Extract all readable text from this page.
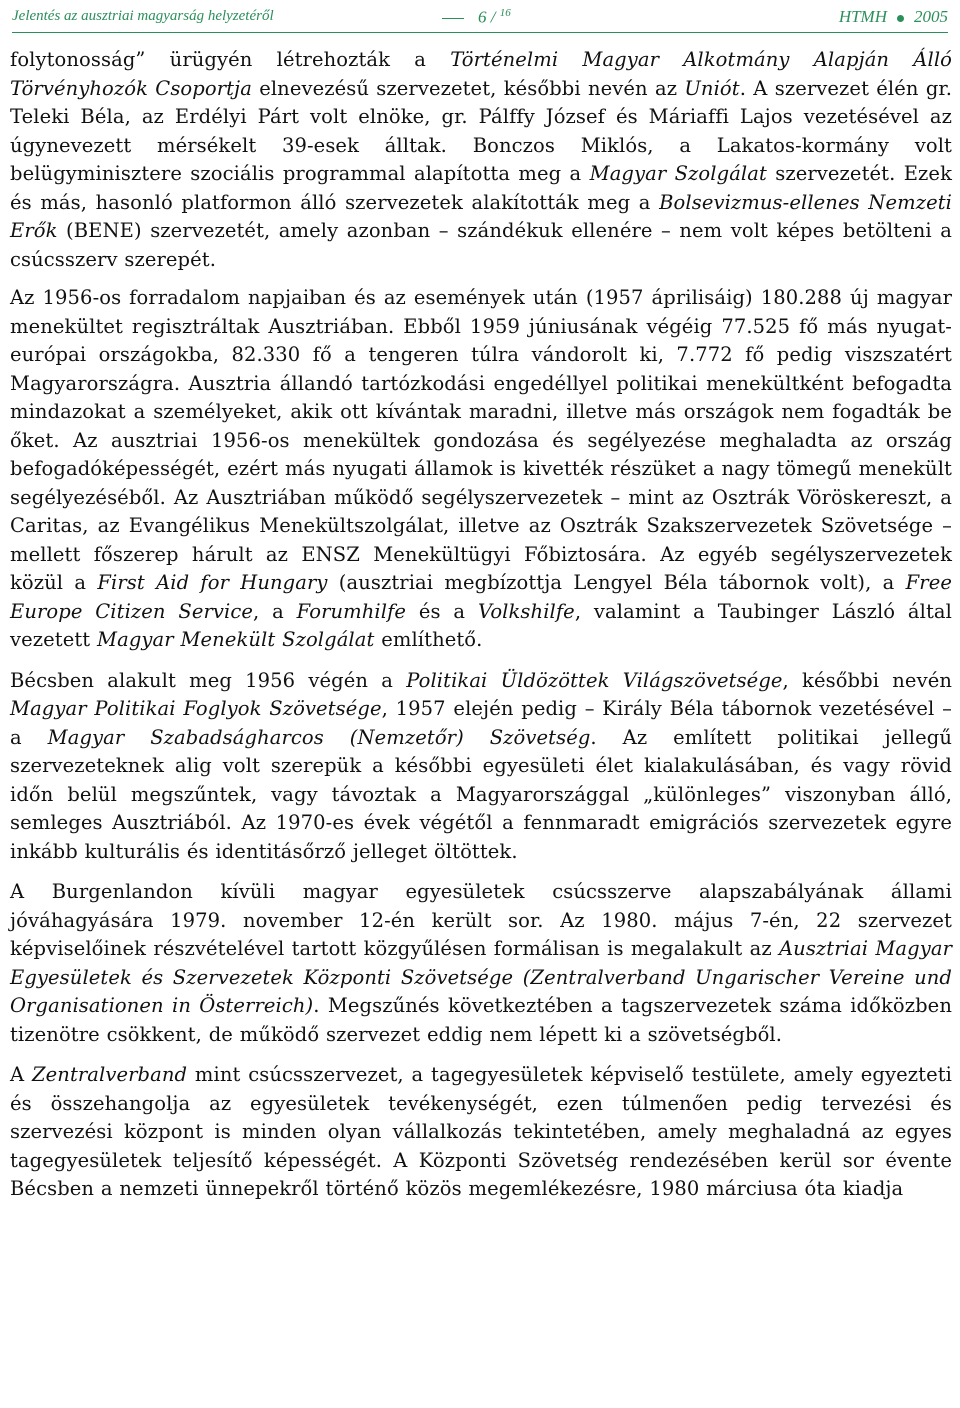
Jelentés az ausztriai magyarság helyzetéről	6 / $^{16}$	HTMH 2005

folytonosság” ürügyén létrehozták a Történelmi Magyar Alkotmány Alapján Álló Törvényhozók Csoportja elnevezésű szervezetet, későbbi nevén az Uniót. A szervezet élén gr. Teleki Béla, az Erdélyi Párt volt elnöke, gr. Pálffy József és Máriaffi Lajos vezetésével az úgynevezett mérsékelt 39-esek álltak. Bonczos Miklós, a Lakatos-kormány volt belügyminisztere szociális programmal alapította meg a Magyar Szolgálat szervezetét. Ezek és más, hasonló platformon álló szervezetek alakították meg a Bolsevizmus-ellenes Nemzeti Erők (BENE) szervezetét, amely azonban – szándékuk ellenére – nem volt képes betölteni a csúcsszerv szerepét.

Az 1956-os forradalom napjaiban és az események után (1957 áprilisáig) 180.288 új magyar menekültet regisztráltak Ausztriában. Ebből 1959 júniusának végéig 77.525 fő más nyugat-európai országokba, 82.330 fő a tengeren túlra vándorolt ki, 7.772 fő pedig viszszatért Magyarországra. Ausztria állandó tartózkodási engedéllyel politikai menekültként befogadta mindazokat a személyeket, akik ott kívántak maradni, illetve más országok nem fogadták be őket. Az ausztriai 1956-os menekültek gondozása és segélyezése meghaladta az ország befogadóképességét, ezért más nyugati államok is kivették részüket a nagy tömegű menekült segélyezéséből. Az Ausztriában működő segélyszervezetek – mint az Osztrák Vöröskereszt, a Caritas, az Evangélikus Menekültszolgálat, illetve az Osztrák Szakszervezetek Szövetsége – mellett főszerep hárult az ENSZ Menekültügyi Főbiztosára. Az egyéb segélyszervezetek közül a First Aid for Hungary (ausztriai megbízottja Lengyel Béla tábornok volt), a Free Europe Citizen Service, a Forumhilfe és a Volkshilfe, valamint a Taubinger László által vezetett Magyar Menekült Szolgálat említhető.

Bécsben alakult meg 1956 végén a Politikai Üldözöttek Világszövetsége, későbbi nevén Magyar Politikai Foglyok Szövetsége, 1957 elején pedig – Király Béla tábornok vezetésével – a Magyar Szabadságharcos (Nemzetőr) Szövetség. Az említett politikai jellegű szervezeteknek alig volt szerepük a későbbi egyesületi élet kialakulásában, és vagy rövid időn belül megszűntek, vagy távoztak a Magyarországgal „különleges” viszonyban álló, semleges Ausztriából. Az 1970-es évek végétől a fennmaradt emigrációs szervezetek egyre inkább kulturális és identitásőrző jelleget öltöttek.

A Burgenlandon kívüli magyar egyesületek csúcsszerve alapszabályának állami jóváhagyására 1979. november 12-én került sor. Az 1980. május 7-én, 22 szervezet képviselőinek részvételével tartott közgyűlésen formálisan is megalakult az Ausztriai Magyar Egyesületek és Szervezetek Központi Szövetsége (Zentralverband Ungarischer Vereine und Organisationen in Österreich). Megszűnés következtében a tagszervezetek száma időközben tizenötre csökkent, de működő szervezet eddig nem lépett ki a szövetségből.

A Zentralverband mint csúcsszervezet, a tagegyesületek képviselő testülete, amely egyezteti és összehangolja az egyesületek tevékenységét, ezen túlmenően pedig tervezési és szervezési központ is minden olyan vállalkozás tekintetében, amely meghaladná az egyes tagegyesületek teljesítő képességét. A Központi Szövetség rendezésében kerül sor évente Bécsben a nemzeti ünnepekről történő közös megemlékezésre, 1980 márciusa óta kiadja
